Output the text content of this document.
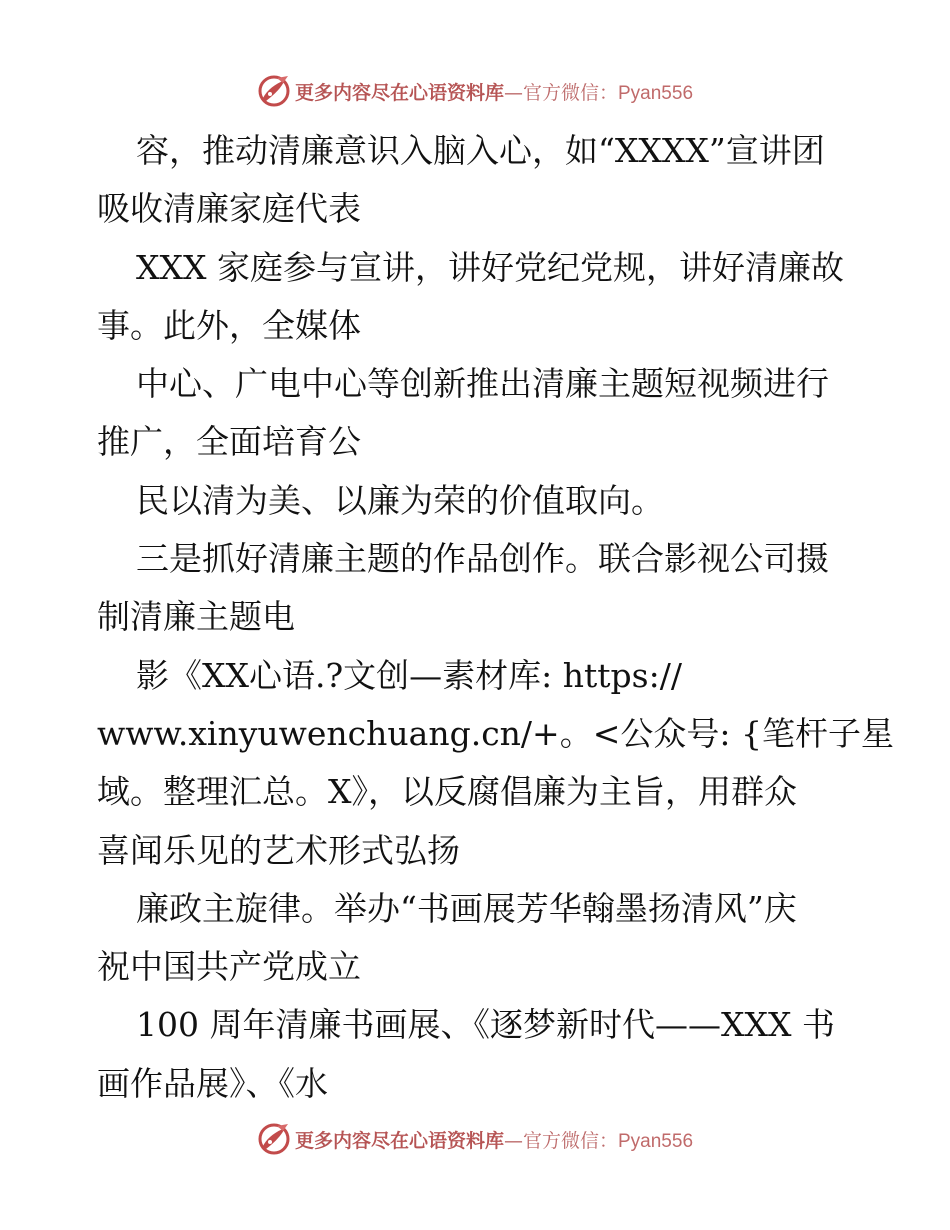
更多内容尽在心语资料库—官方微信：Pyan556
容，推动清廉意识入脑入心，如“XXXX”宣讲团
吸收清廉家庭代表
XXX 家庭参与宣讲，讲好党纪党规，讲好清廉故
事。此外，全媒体
中心、广电中心等创新推出清廉主题短视频进行
推广，全面培育公
民以清为美、以廉为荣的价值取向。
三是抓好清廉主题的作品创作。联合影视公司摄
制清廉主题电
影《XX心语.?文创—素材库: https://
www.xinyuwenchuang.cn/+。<公众号: {笔杆子星
域。整理汇总。X》，以反腐倡廉为主旨，用群众
喜闻乐见的艺术形式弘扬
廉政主旋律。举办“书画展芳华翰墨扬清风”庆
祝中国共产党成立
100 周年清廉书画展、《逐梦新时代——XXX 书
画作品展》、《水
更多内容尽在心语资料库—官方微信：Pyan556
